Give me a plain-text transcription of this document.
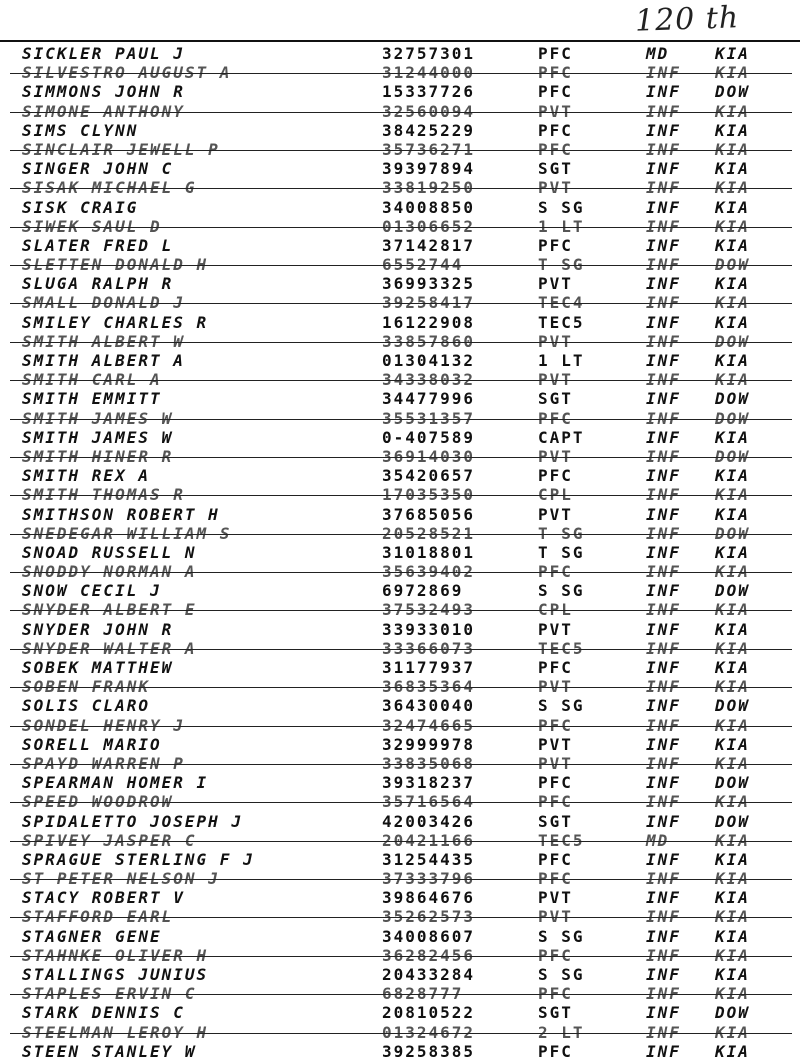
120 th
SICKLER PAUL J	32757301	PFC	MD	KIA
SILVESTRO AUGUST A	31244000	PFC	INF	KIA
SIMMONS JOHN R	15337726	PFC	INF	DOW
SIMONE ANTHONY	32560094	PVT	INF	KIA
SIMS CLYNN	38425229	PFC	INF	KIA
SINCLAIR JEWELL P	35736271	PFC	INF	KIA
SINGER JOHN C	39397894	SGT	INF	KIA
SISAK MICHAEL G	33819250	PVT	INF	KIA
SISK CRAIG	34008850	S SG	INF	KIA
SIWEK SAUL D	01306652	1 LT	INF	KIA
SLATER FRED L	37142817	PFC	INF	KIA
SLETTEN DONALD H	6552744	T SG	INF	DOW
SLUGA RALPH R	36993325	PVT	INF	KIA
SMALL DONALD J	39258417	TEC4	INF	KIA
SMILEY CHARLES R	16122908	TEC5	INF	KIA
SMITH ALBERT W	33857860	PVT	INF	DOW
SMITH ALBERT A	01304132	1 LT	INF	KIA
SMITH CARL A	34338032	PVT	INF	KIA
SMITH EMMITT	34477996	SGT	INF	DOW
SMITH JAMES W	35531357	PFC	INF	DOW
SMITH JAMES W	0-407589	CAPT	INF	KIA
SMITH HINER R	36914030	PVT	INF	DOW
SMITH REX A	35420657	PFC	INF	KIA
SMITH THOMAS R	17035350	CPL	INF	KIA
SMITHSON ROBERT H	37685056	PVT	INF	KIA
SNEDEGAR WILLIAM S	20528521	T SG	INF	DOW
SNOAD RUSSELL N	31018801	T SG	INF	KIA
SNODDY NORMAN A	35639402	PFC	INF	KIA
SNOW CECIL J	6972869	S SG	INF	DOW
SNYDER ALBERT E	37532493	CPL	INF	KIA
SNYDER JOHN R	33933010	PVT	INF	KIA
SNYDER WALTER A	33366073	TEC5	INF	KIA
SOBEK MATTHEW	31177937	PFC	INF	KIA
SOBEN FRANK	36835364	PVT	INF	KIA
SOLIS CLARO	36430040	S SG	INF	DOW
SONDEL HENRY J	32474665	PFC	INF	KIA
SORELL MARIO	32999978	PVT	INF	KIA
SPAYD WARREN P	33835068	PVT	INF	KIA
SPEARMAN HOMER I	39318237	PFC	INF	DOW
SPEED WOODROW	35716564	PFC	INF	KIA
SPIDALETTO JOSEPH J	42003426	SGT	INF	DOW
SPIVEY JASPER C	20421166	TEC5	MD	KIA
SPRAGUE STERLING F J	31254435	PFC	INF	KIA
ST PETER NELSON J	37333796	PFC	INF	KIA
STACY ROBERT V	39864676	PVT	INF	KIA
STAFFORD EARL	35262573	PVT	INF	KIA
STAGNER GENE	34008607	S SG	INF	KIA
STAHNKE OLIVER H	36282456	PFC	INF	KIA
STALLINGS JUNIUS	20433284	S SG	INF	KIA
STAPLES ERVIN C	6828777	PFC	INF	KIA
STARK DENNIS C	20810522	SGT	INF	DOW
STEELMAN LEROY H	01324672	2 LT	INF	KIA
STEEN STANLEY W	39258385	PFC	INF	KIA
